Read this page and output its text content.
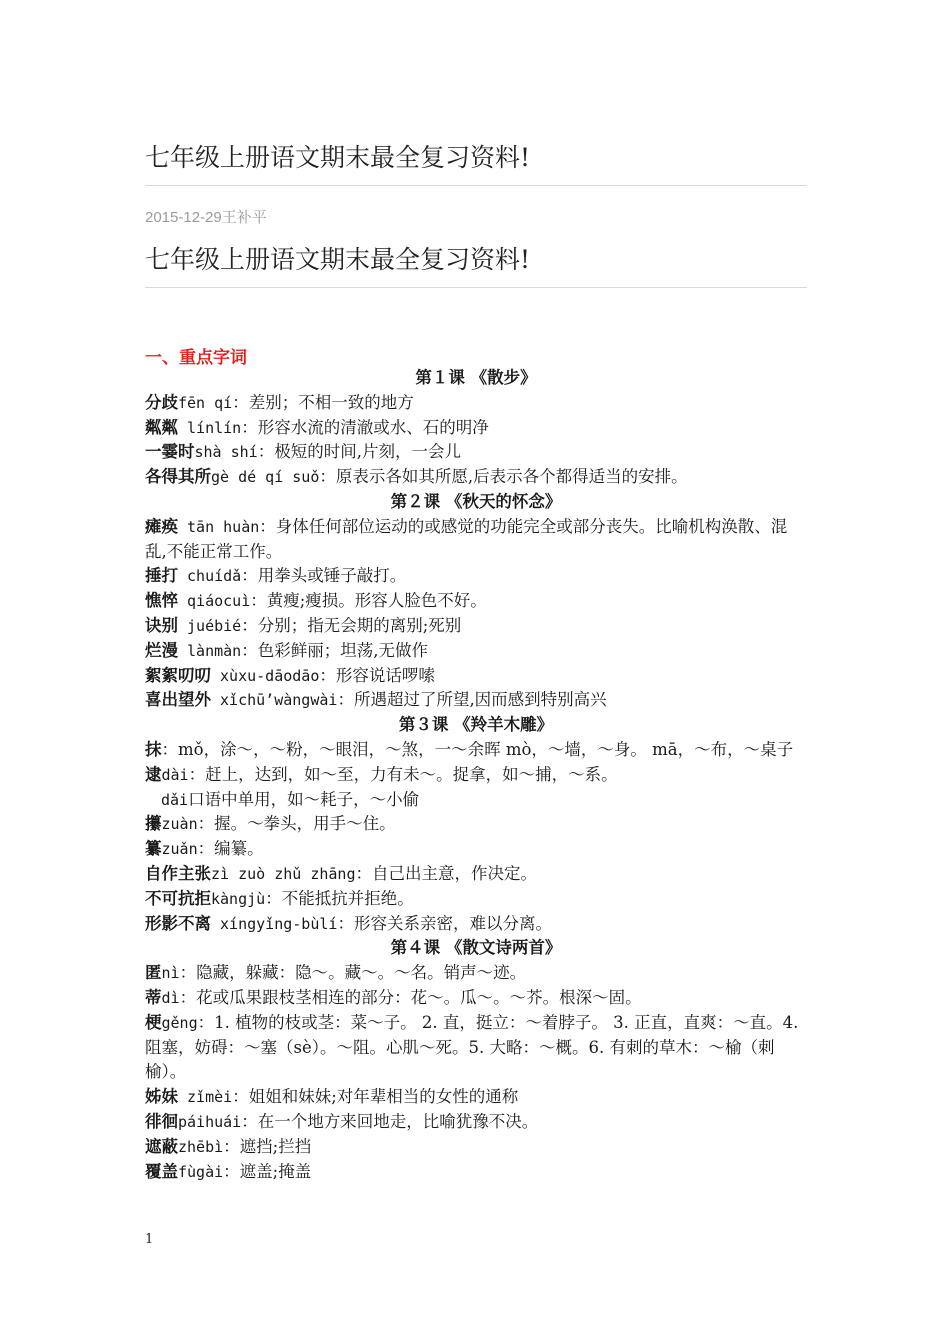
七年级上册语文期末最全复习资料!
2015-12-29王补平
七年级上册语文期末最全复习资料!
一、重点字词
第１课 《散步》
分歧fēn qí：差别；不相一致的地方
粼粼 línlín：形容水流的清澈或水、石的明净
一霎时shà shí：极短的时间,片刻，一会儿
各得其所gè dé qí suǒ：原表示各如其所愿,后表示各个都得适当的安排。
第２课 《秋天的怀念》
瘫痪 tān huàn：身体任何部位运动的或感觉的功能完全或部分丧失。比喻机构涣散、混乱,不能正常工作。
捶打 chuídǎ：用拳头或锤子敲打。
憔悴 qiáocuì：黄瘦;瘦损。形容人脸色不好。
诀别 juébié：分别；指无会期的离别;死别
烂漫 lànmàn：色彩鲜丽；坦荡,无做作
絮絮叨叨 xùxu-dāodāo：形容说话啰嗦
喜出望外 xǐchū’wàngwài：所遇超过了所望,因而感到特别高兴
第３课 《羚羊木雕》
抹：mǒ，涂～，～粉，～眼泪，～煞，一～余晖 mò，～墙，～身。 mā，～布，～桌子
逮dài：赶上，达到，如～至，力有未～。捉拿，如～捕，～系。
dǎi口语中单用，如～耗子，～小偷
攥zuàn：握。～拳头，用手～住。
纂zuǎn：编纂。
自作主张zì zuò zhǔ zhāng：自己出主意，作决定。
不可抗拒kàngjù：不能抵抗并拒绝。
形影不离 xíngyǐng-bùlí：形容关系亲密，难以分离。
第４课 《散文诗两首》
匿nì：隐藏，躲藏：隐～。藏～。～名。销声～迹。
蒂dì：花或瓜果跟枝茎相连的部分：花～。瓜～。～芥。根深～固。
梗gěng：1. 植物的枝或茎：菜～子。 2. 直，挺立：～着脖子。 3. 正直，直爽：～直。4. 阻塞，妨碍：～塞（sè）。～阻。心肌～死。5. 大略：～概。6. 有刺的草木：～榆（刺榆）。
姊妹 zǐmèi：姐姐和妹妹;对年辈相当的女性的通称
徘徊páihuái：在一个地方来回地走，比喻犹豫不决。
遮蔽zhēbì：遮挡;拦挡
覆盖fùgài：遮盖;掩盖
1
